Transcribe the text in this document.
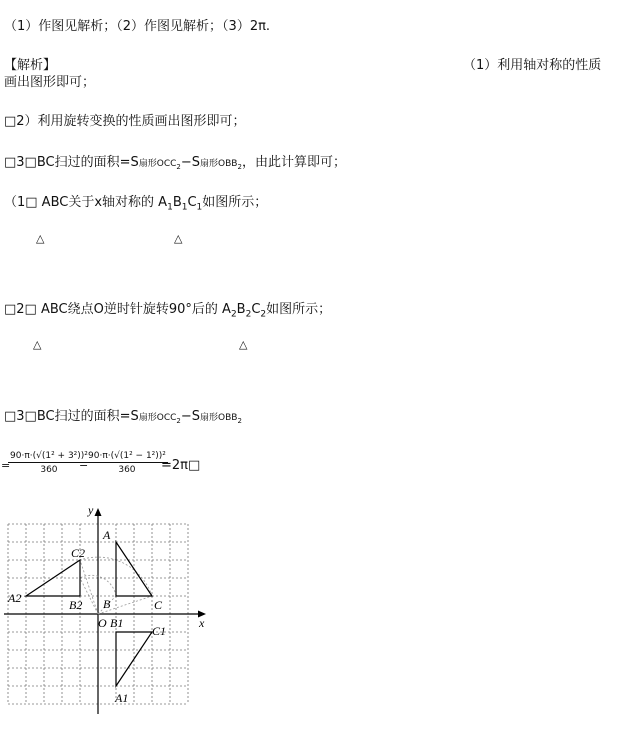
（1）作图见解析；（2）作图见解析；（3）2π.
【解析】	（1）利用轴对称的性质
画出图形即可；
□2）利用旋转变换的性质画出图形即可；
□3□BC扫过的面积=S扇形$OCC_2-S$扇形$OBB_2$，由此计算即可；
（1□ ABC关于x轴对称的 $A_1B_1C_1$如图所示；
△	△
□2□ ABC绕点O逆时针旋转90°后的 $A_2B_2C_2$如图所示；
△	△
□3□BC扫过的面积=S扇形$OCC_2-S$扇形$OBB_2$
=
$\frac{\text{90·π·(√(1² + 3²))²}}{360}$
−
$\frac{\text{90·π·(√(1² − 1²))²}}{360}$
=2π□
y
x
O
A
B	C
B1
C1
A1
A2	B2
C2
